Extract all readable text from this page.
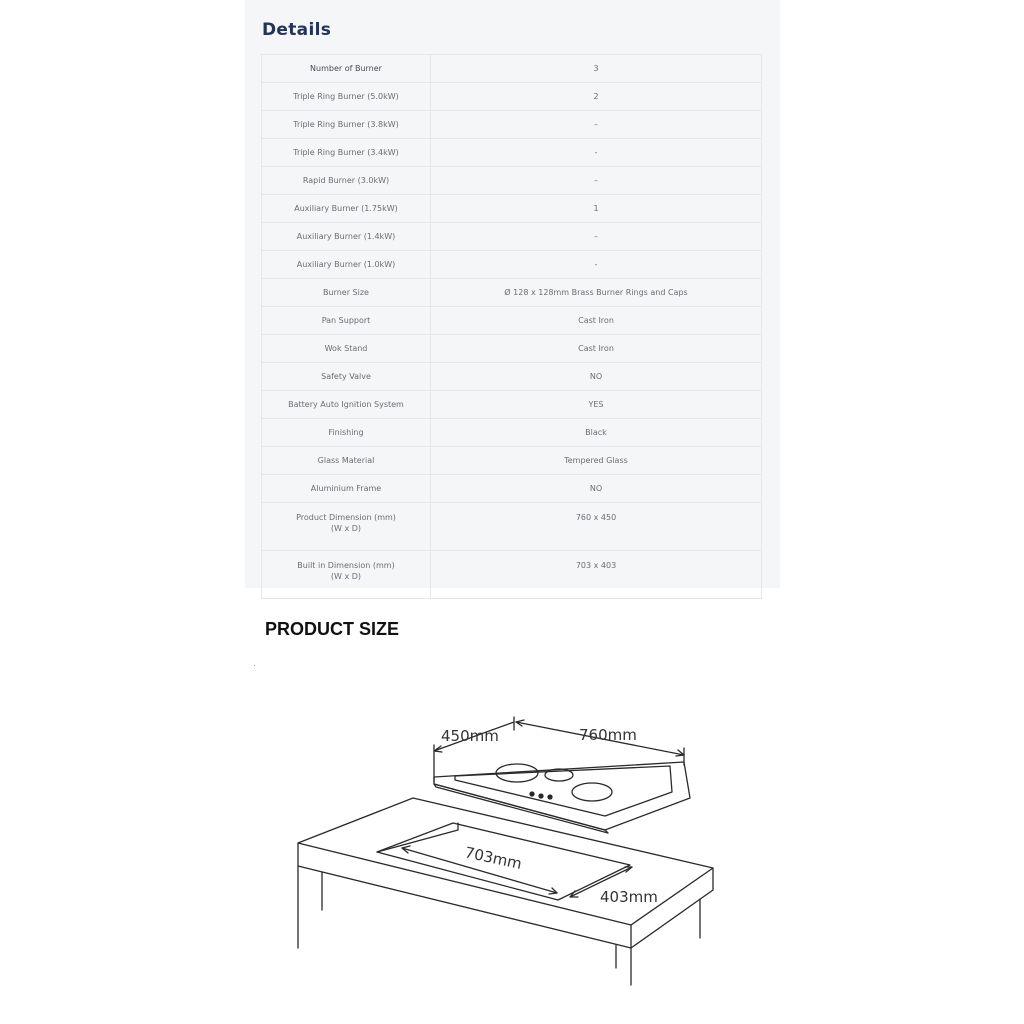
Details
Number of Burner	3
Triple Ring Burner (5.0kW)	2
Triple Ring Burner (3.8kW)	–
Triple Ring Burner (3.4kW)	-
Rapid Burner (3.0kW)	–
Auxiliary Burner (1.75kW)	1
Auxiliary Burner (1.4kW)	–
Auxiliary Burner (1.0kW)	-
Burner Size	Ø 128 x 128mm Brass Burner Rings and Caps
Pan Support	Cast Iron
Wok Stand	Cast Iron
Safety Valve	NO
Battery Auto Ignition System	YES
Finishing	Black
Glass Material	Tempered Glass
Aluminium Frame	NO

Product Dimension (mm)
(W x D)	760 x 450

Built in Dimension (mm)
(W x D)	703 x 403
PRODUCT SIZE
450mm	760mm
703mm
403mm
